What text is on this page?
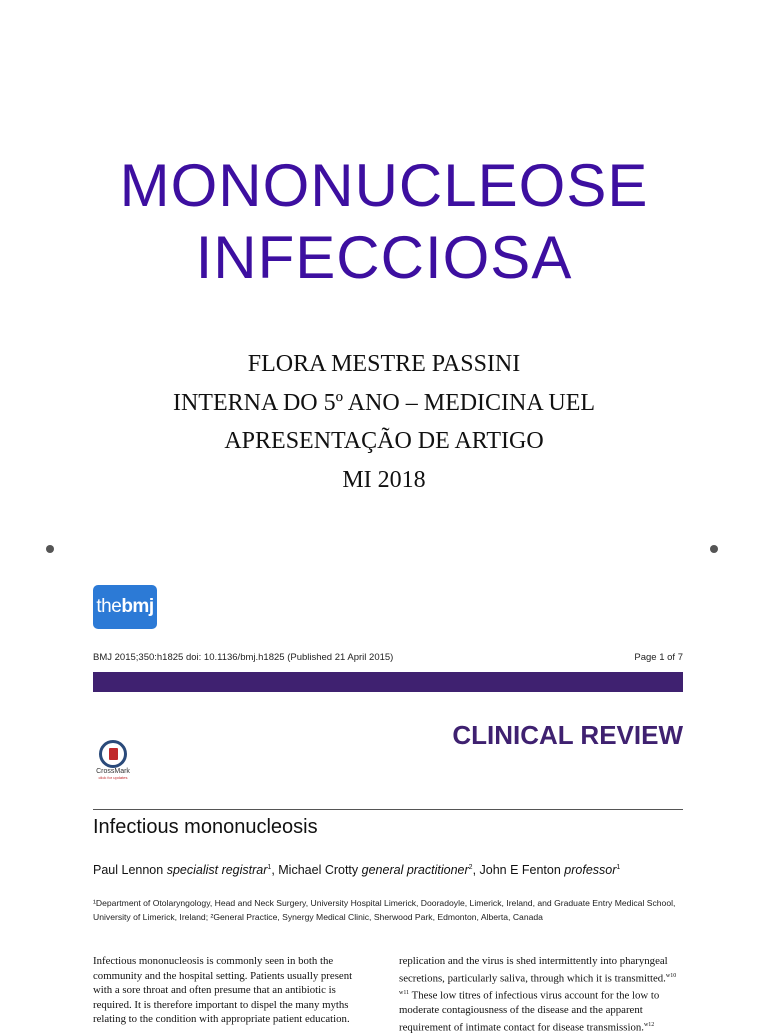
MONONUCLEOSE
INFECCIOSA
FLORA MESTRE PASSINI
INTERNA DO 5º ANO – MEDICINA UEL
APRESENTAÇÃO DE ARTIGO
MI 2018
thebmj
BMJ 2015;350:h1825 doi: 10.1136/bmj.h1825 (Published 21 April 2015)	Page 1 of 7
CLINICAL REVIEW
CrossMark
click for updates
Infectious mononucleosis
Paul Lennon specialist registrar$^1$, Michael Crotty general practitioner$^2$, John E Fenton professor$^1$
¹Department of Otolaryngology, Head and Neck Surgery, University Hospital Limerick, Dooradoyle, Limerick, Ireland, and Graduate Entry Medical School, University of Limerick, Ireland; ²General Practice, Synergy Medical Clinic, Sherwood Park, Edmonton, Alberta, Canada
Infectious mononucleosis is commonly seen in both the
community and the hospital setting. Patients usually present
with a sore throat and often presume that an antibiotic is
required. It is therefore important to dispel the many myths
relating to the condition with appropriate patient education.
replication and the virus is shed intermittently into pharyngeal
secretions, particularly saliva, through which it is transmitted.$^{w10}$
$^{w11}$ These low titres of infectious virus account for the low to
moderate contagiousness of the disease and the apparent
requirement of intimate contact for disease transmission.$^{w12}$
